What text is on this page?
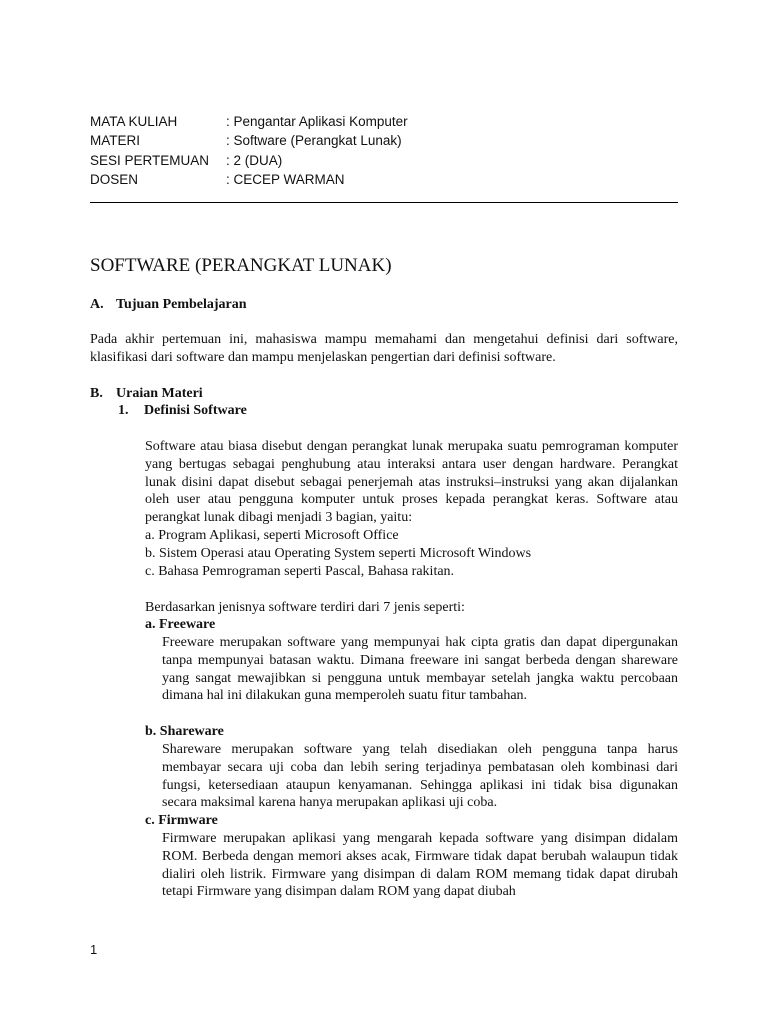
MATA KULIAH	: Pengantar Aplikasi Komputer
MATERI	: Software (Perangkat Lunak)
SESI PERTEMUAN	: 2 (DUA)
DOSEN	: CECEP WARMAN
SOFTWARE (PERANGKAT LUNAK)
A. Tujuan Pembelajaran

Pada akhir pertemuan ini, mahasiswa mampu memahami dan mengetahui definisi dari software, klasifikasi dari software dan mampu menjelaskan pengertian dari definisi software.

B. Uraian Materi
1. Definisi Software

Software atau biasa disebut dengan perangkat lunak merupaka suatu pemrograman komputer yang bertugas sebagai penghubung atau interaksi antara user dengan hardware. Perangkat lunak disini dapat disebut sebagai penerjemah atas instruksi–instruksi yang akan dijalankan oleh user atau pengguna komputer untuk proses kepada perangkat keras. Software atau perangkat lunak dibagi menjadi 3 bagian, yaitu:

a. Program Aplikasi, seperti Microsoft Office
b. Sistem Operasi atau Operating System seperti Microsoft Windows
c. Bahasa Pemrograman seperti Pascal, Bahasa rakitan.
Berdasarkan jenisnya software terdiri dari 7 jenis seperti:
a. Freeware

Freeware merupakan software yang mempunyai hak cipta gratis dan dapat dipergunakan tanpa mempunyai batasan waktu. Dimana freeware ini sangat berbeda dengan shareware yang sangat mewajibkan si pengguna untuk membayar setelah jangka waktu percobaan dimana hal ini dilakukan guna memperoleh suatu fitur tambahan.

b. Shareware

Shareware merupakan software yang telah disediakan oleh pengguna tanpa harus membayar secara uji coba dan lebih sering terjadinya pembatasan oleh kombinasi dari fungsi, ketersediaan ataupun kenyamanan. Sehingga aplikasi ini tidak bisa digunakan secara maksimal karena hanya merupakan aplikasi uji coba.

c. Firmware

Firmware merupakan aplikasi yang mengarah kepada software yang disimpan didalam ROM. Berbeda dengan memori akses acak, Firmware tidak dapat berubah walaupun tidak dialiri oleh listrik. Firmware yang disimpan di dalam ROM memang tidak dapat dirubah tetapi Firmware yang disimpan dalam ROM yang dapat diubah

1
